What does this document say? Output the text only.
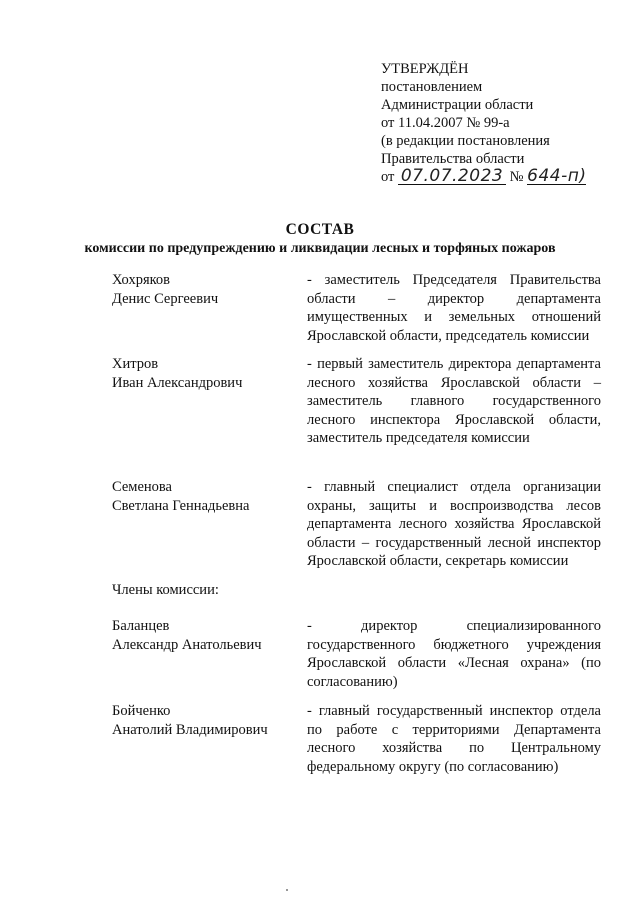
УТВЕРЖДЁН
постановлением
Администрации области
от 11.04.2007 № 99-а
(в редакции постановления
Правительства области
от 07.07.2023 № 644-п)
СОСТАВ
комиссии по предупреждению и ликвидации лесных и торфяных пожаров
Хохряков
Денис Сергеевич
- заместитель Председателя Правительства области – директор департамента имущественных и земельных отношений Ярославской области, председатель комиссии
Хитров
Иван Александрович
- первый заместитель директора департамента лесного хозяйства Ярославской области – заместитель главного государственного лесного инспектора Ярославской области, заместитель председателя комиссии
Семенова
Светлана Геннадьевна
- главный специалист отдела организации охраны, защиты и воспроизводства лесов департамента лесного хозяйства Ярославской области – государственный лесной инспектор Ярославской области, секретарь комиссии
Члены комиссии:
Баланцев
Александр Анатольевич
- директор специализированного государственного бюджетного учреждения Ярославской области «Лесная охрана» (по согласованию)
Бойченко
Анатолий Владимирович
- главный государственный инспектор отдела по работе с территориями Департамента лесного хозяйства по Центральному федеральному округу (по согласованию)
